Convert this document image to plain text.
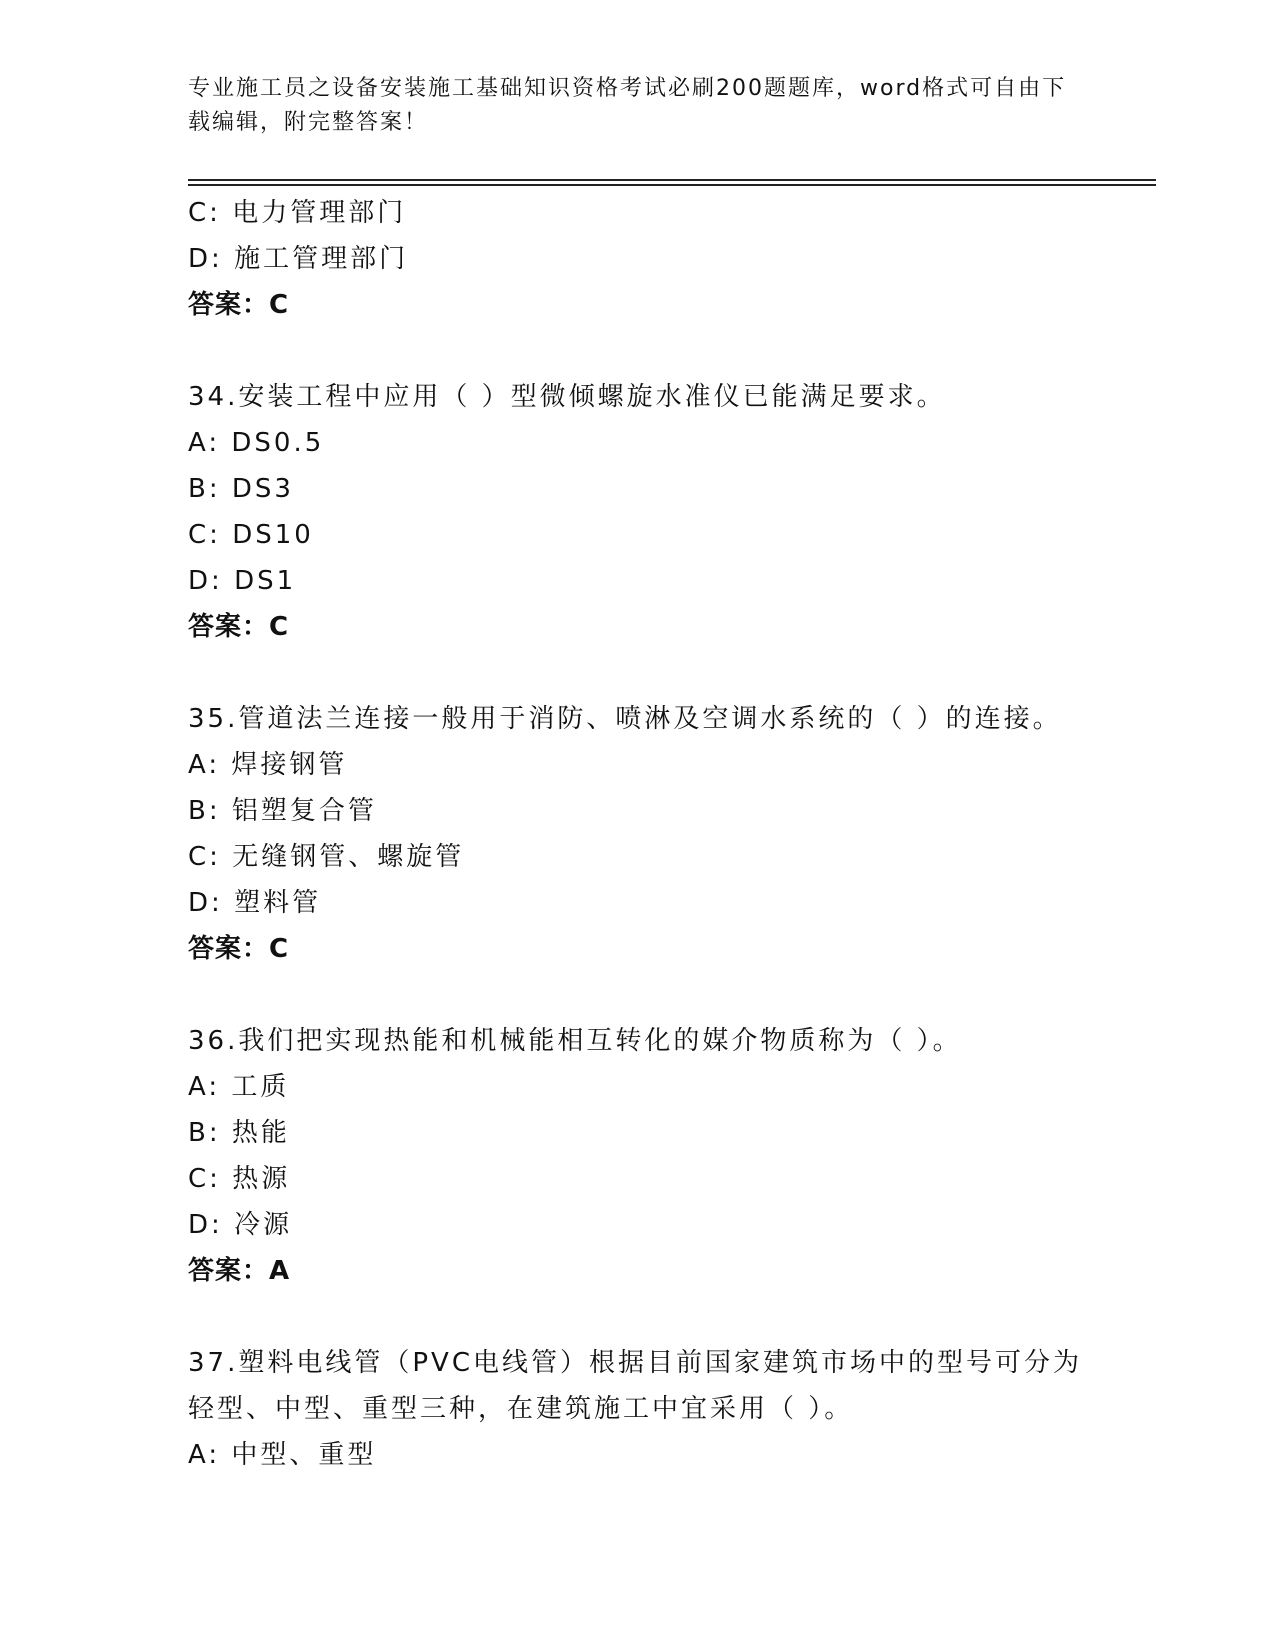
专业施工员之设备安装施工基础知识资格考试必刷200题题库，word格式可自由下载编辑，附完整答案！
C: 电力管理部门
D: 施工管理部门
答案：C
34.安装工程中应用（ ）型微倾螺旋水准仪已能满足要求。
A: DS0.5
B: DS3
C: DS10
D: DS1
答案：C
35.管道法兰连接一般用于消防、喷淋及空调水系统的（ ）的连接。
A: 焊接钢管
B: 铝塑复合管
C: 无缝钢管、螺旋管
D: 塑料管
答案：C
36.我们把实现热能和机械能相互转化的媒介物质称为（ ）。
A: 工质
B: 热能
C: 热源
D: 冷源
答案：A
37.塑料电线管（PVC电线管）根据目前国家建筑市场中的型号可分为轻型、中型、重型三种，在建筑施工中宜采用（ ）。
A: 中型、重型
